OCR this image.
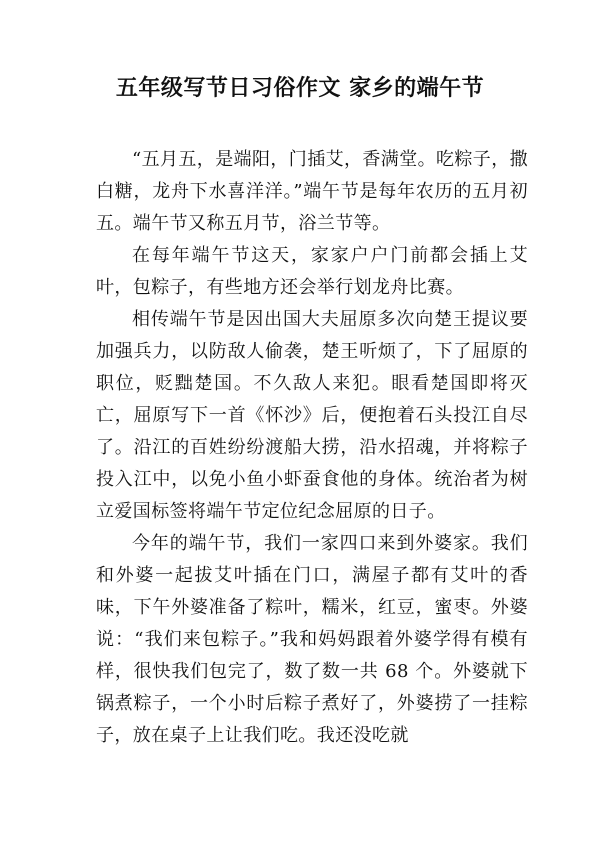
五年级写节日习俗作文 家乡的端午节

“五月五，是端阳，门插艾，香满堂。吃粽子，撒白糖，龙舟下水喜洋洋。”端午节是每年农历的五月初五。端午节又称五月节，浴兰节等。

在每年端午节这天，家家户户门前都会插上艾叶，包粽子，有些地方还会举行划龙舟比赛。

相传端午节是因出国大夫屈原多次向楚王提议要加强兵力，以防敌人偷袭，楚王听烦了，下了屈原的职位，贬黜楚国。不久敌人来犯。眼看楚国即将灭亡，屈原写下一首《怀沙》后，便抱着石头投江自尽了。沿江的百姓纷纷渡船大捞，沿水招魂，并将粽子投入江中，以免小鱼小虾蚕食他的身体。统治者为树立爱国标签将端午节定位纪念屈原的日子。

今年的端午节，我们一家四口来到外婆家。我们和外婆一起拔艾叶插在门口，满屋子都有艾叶的香味，下午外婆准备了粽叶，糯米，红豆，蜜枣。外婆说：“我们来包粽子。”我和妈妈跟着外婆学得有模有样，很快我们包完了，数了数一共 68 个。外婆就下锅煮粽子，一个小时后粽子煮好了，外婆捞了一挂粽子，放在桌子上让我们吃。我还没吃就
